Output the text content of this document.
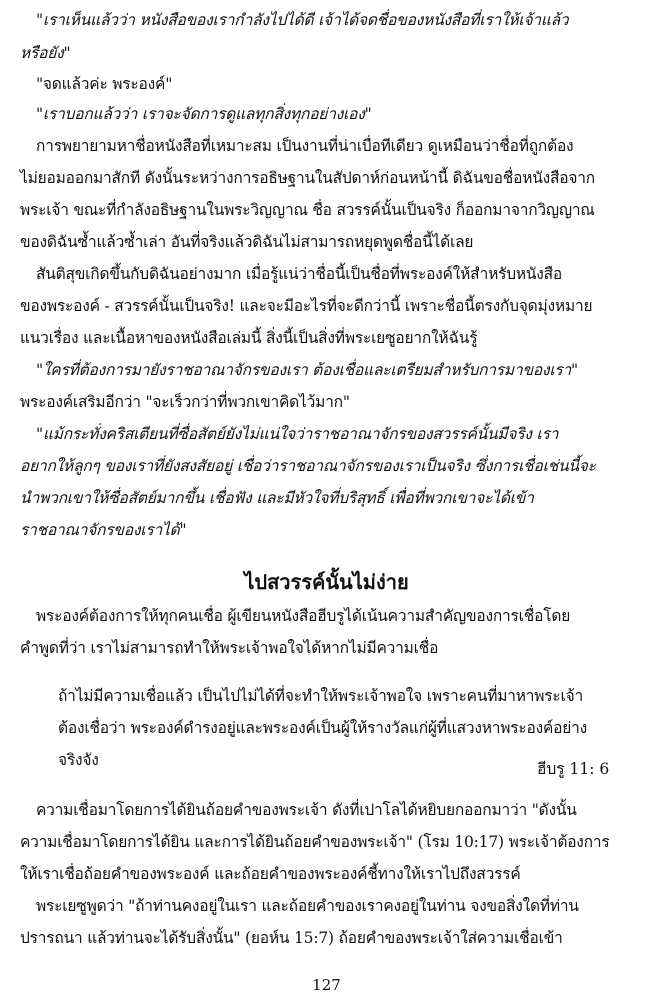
"เราเห็นแล้วว่า หนังสือของเรากำลังไปได้ดี เจ้าได้จดชื่อของหนังสือที่เราให้เจ้าแล้ว
หรือยัง"
"จดแล้วค่ะ พระองค์"
"เราบอกแล้วว่า เราจะจัดการดูแลทุกสิ่งทุกอย่างเอง"
การพยายามหาชื่อหนังสือที่เหมาะสม เป็นงานที่น่าเบื่อทีเดียว ดูเหมือนว่าชื่อที่ถูกต้อง
ไม่ยอมออกมาสักที ดังนั้นระหว่างการอธิษฐานในสัปดาห์ก่อนหน้านี้ ดิฉันขอชื่อหนังสือจาก
พระเจ้า ขณะที่กำลังอธิษฐานในพระวิญญาณ ชื่อ สวรรค์นั้นเป็นจริง ก็ออกมาจากวิญญาณ
ของดิฉันซ้ำแล้วซ้ำเล่า อันที่จริงแล้วดิฉันไม่สามารถหยุดพูดชื่อนี้ได้เลย
สันติสุขเกิดขึ้นกับดิฉันอย่างมาก เมื่อรู้แน่ว่าชื่อนี้เป็นชื่อที่พระองค์ให้สำหรับหนังสือ
ของพระองค์ - สวรรค์นั้นเป็นจริง! และจะมีอะไรที่จะดีกว่านี้ เพราะชื่อนี้ตรงกับจุดมุ่งหมาย
แนวเรื่อง และเนื้อหาของหนังสือเล่มนี้ สิ่งนี้เป็นสิ่งที่พระเยซูอยากให้ฉันรู้
"ใครที่ต้องการมายังราชอาณาจักรของเรา ต้องเชื่อและเตรียมสำหรับการมาของเรา"
พระองค์เสริมอีกว่า "จะเร็วกว่าที่พวกเขาคิดไว้มาก"
"แม้กระทั่งคริสเตียนที่ซื่อสัตย์ยังไม่แน่ใจว่าราชอาณาจักรของสวรรค์นั้นมีจริง เรา
อยากให้ลูกๆ ของเราที่ยังสงสัยอยู่ เชื่อว่าราชอาณาจักรของเราเป็นจริง ซึ่งการเชื่อเช่นนี้จะ
นำพวกเขาให้ซื่อสัตย์มากขึ้น เชื่อฟัง และมีหัวใจที่บริสุทธิ์ เพื่อที่พวกเขาจะได้เข้า
ราชอาณาจักรของเราได้"
ไปสวรรค์นั้นไม่ง่าย
พระองค์ต้องการให้ทุกคนเชื่อ ผู้เขียนหนังสือฮีบรูได้เน้นความสำคัญของการเชื่อโดย
คำพูดที่ว่า เราไม่สามารถทำให้พระเจ้าพอใจได้หากไม่มีความเชื่อ
ถ้าไม่มีความเชื่อแล้ว เป็นไปไม่ได้ที่จะทำให้พระเจ้าพอใจ เพราะคนที่มาหาพระเจ้า
ต้องเชื่อว่า พระองค์ดำรงอยู่และพระองค์เป็นผู้ให้รางวัลแก่ผู้ที่แสวงหาพระองค์อย่าง
จริงจัง	ฮีบรู 11: 6
ความเชื่อมาโดยการได้ยินถ้อยคำของพระเจ้า ดังที่เปาโลได้หยิบยกออกมาว่า "ดังนั้น
ความเชื่อมาโดยการได้ยิน และการได้ยินถ้อยคำของพระเจ้า" (โรม 10:17) พระเจ้าต้องการ
ให้เราเชื่อถ้อยคำของพระองค์ และถ้อยคำของพระองค์ชี้ทางให้เราไปถึงสวรรค์
พระเยซูพูดว่า "ถ้าท่านคงอยู่ในเรา และถ้อยคำของเราคงอยู่ในท่าน จงขอสิ่งใดที่ท่าน
ปรารถนา แล้วท่านจะได้รับสิ่งนั้น" (ยอห์น 15:7) ถ้อยคำของพระเจ้าใส่ความเชื่อเข้า
127
